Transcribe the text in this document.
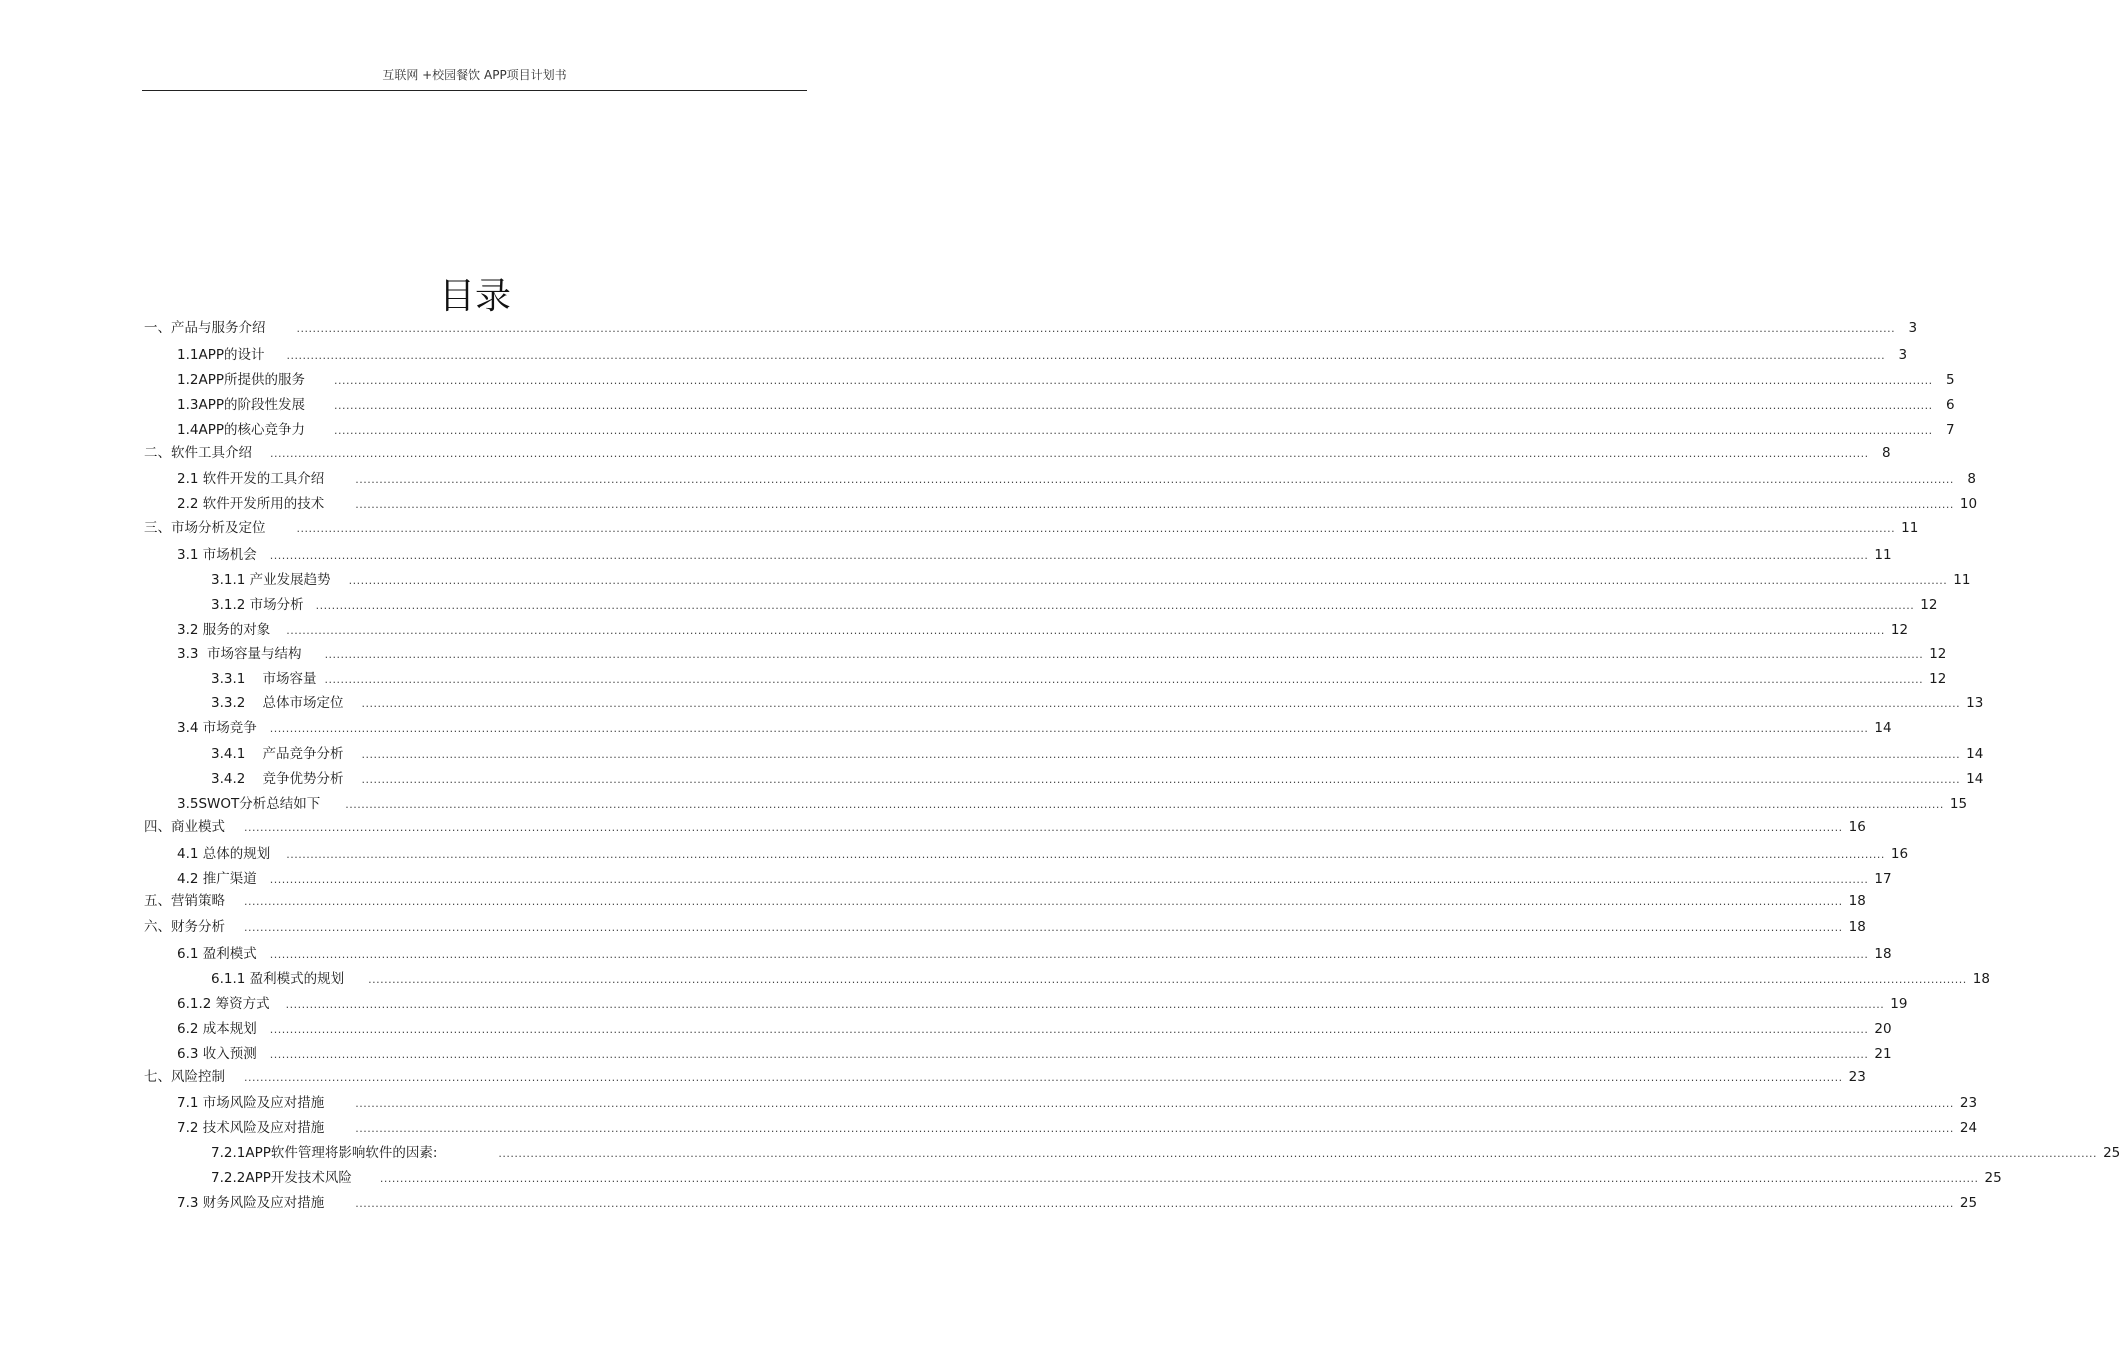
互联网 +校园餐饮 APP项目计划书
目录
一、产品与服务介绍	................................................................................................................................................................................................................................................................................................................................................................................................................ 3
1.1APP的设计 ................................................................................................................................................................................................................................................................................................................................................................................................................ 3
1.2APP所提供的服务	................................................................................................................................................................................................................................................................................................................................................................................................................ 5
1.3APP的阶段性发展	................................................................................................................................................................................................................................................................................................................................................................................................................ 6
1.4APP的核心竞争力	................................................................................................................................................................................................................................................................................................................................................................................................................ 7
二、软件工具介绍 ................................................................................................................................................................................................................................................................................................................................................................................................................ 8
2.1 软件开发的工具介绍	................................................................................................................................................................................................................................................................................................................................................................................................................ 8
2.2 软件开发所用的技术	................................................................................................................................................................................................................................................................................................................................................................................................................ 10
三、市场分析及定位	................................................................................................................................................................................................................................................................................................................................................................................................................ 11
3.1 市场机会 ................................................................................................................................................................................................................................................................................................................................................................................................................ 11
3.1.1 产业发展趋势 ................................................................................................................................................................................................................................................................................................................................................................................................................ 11
3.1.2 市场分析 ................................................................................................................................................................................................................................................................................................................................................................................................................ 12
3.2 服务的对象 ................................................................................................................................................................................................................................................................................................................................................................................................................ 12
3.3  市场容量与结构 ................................................................................................................................................................................................................................................................................................................................................................................................................ 12
3.3.1    市场容量 ................................................................................................................................................................................................................................................................................................................................................................................................................ 12
3.3.2    总体市场定位 ................................................................................................................................................................................................................................................................................................................................................................................................................ 13
3.4 市场竞争 ................................................................................................................................................................................................................................................................................................................................................................................................................ 14
3.4.1    产品竞争分析 ................................................................................................................................................................................................................................................................................................................................................................................................................ 14
3.4.2    竞争优势分析 ................................................................................................................................................................................................................................................................................................................................................................................................................ 14
3.5SWOT分析总结如下 ................................................................................................................................................................................................................................................................................................................................................................................................................ 15
四、商业模式 ................................................................................................................................................................................................................................................................................................................................................................................................................ 16
4.1 总体的规划 ................................................................................................................................................................................................................................................................................................................................................................................................................ 16
4.2 推广渠道 ................................................................................................................................................................................................................................................................................................................................................................................................................ 17
五、营销策略 ................................................................................................................................................................................................................................................................................................................................................................................................................ 18
六、财务分析 ................................................................................................................................................................................................................................................................................................................................................................................................................ 18
6.1 盈利模式 ................................................................................................................................................................................................................................................................................................................................................................................................................ 18
6.1.1 盈利模式的规划 ................................................................................................................................................................................................................................................................................................................................................................................................................ 18
6.1.2 筹资方式 ................................................................................................................................................................................................................................................................................................................................................................................................................ 19
6.2 成本规划 ................................................................................................................................................................................................................................................................................................................................................................................................................ 20
6.3 收入预测 ................................................................................................................................................................................................................................................................................................................................................................................................................ 21
七、风险控制 ................................................................................................................................................................................................................................................................................................................................................................................................................ 23
7.1 市场风险及应对措施	................................................................................................................................................................................................................................................................................................................................................................................................................ 23
7.2 技术风险及应对措施	................................................................................................................................................................................................................................................................................................................................................................................................................ 24
7.2.1APP软件管理将影响软件的因素:	................................................................................................................................................................................................................................................................................................................................................................................................................ 25
7.2.2APP开发技术风险	................................................................................................................................................................................................................................................................................................................................................................................................................ 25
7.3 财务风险及应对措施	................................................................................................................................................................................................................................................................................................................................................................................................................ 25
